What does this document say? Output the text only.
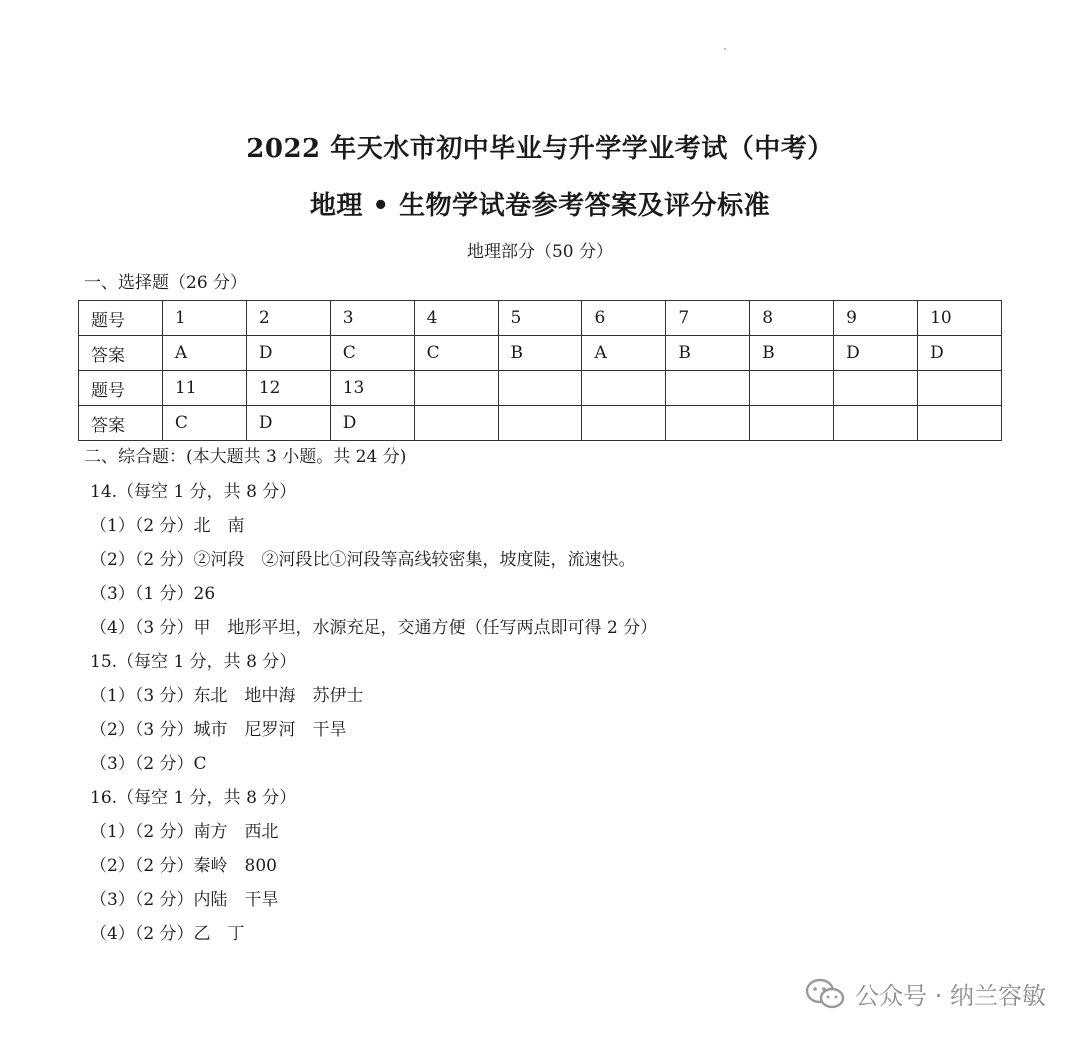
2022 年天水市初中毕业与升学学业考试（中考）
地理 • 生物学试卷参考答案及评分标准
地理部分（50 分）
一、选择题（26 分）
题号	1	2	3	4	5	6	7	8	9	10
答案	A	D	C	C	B	A	B	B	D	D
题号	11	12	13							
答案	C	D	D							
二、综合题：(本大题共 3 小题。共 24 分)
14.（每空 1 分，共 8 分）
（1）（2 分）北　南
（2）（2 分）②河段　②河段比①河段等高线较密集，坡度陡，流速快。
（3）（1 分）26
（4）（3 分）甲　地形平坦，水源充足，交通方便（任写两点即可得 2 分）
15.（每空 1 分，共 8 分）
（1）（3 分）东北　地中海　苏伊士
（2）（3 分）城市　尼罗河　干旱
（3）（2 分）C
16.（每空 1 分，共 8 分）
（1）（2 分）南方　西北
（2）（2 分）秦岭　800
（3）（2 分）内陆　干旱
（4）（2 分）乙　丁
公众号 · 纳兰容敏
